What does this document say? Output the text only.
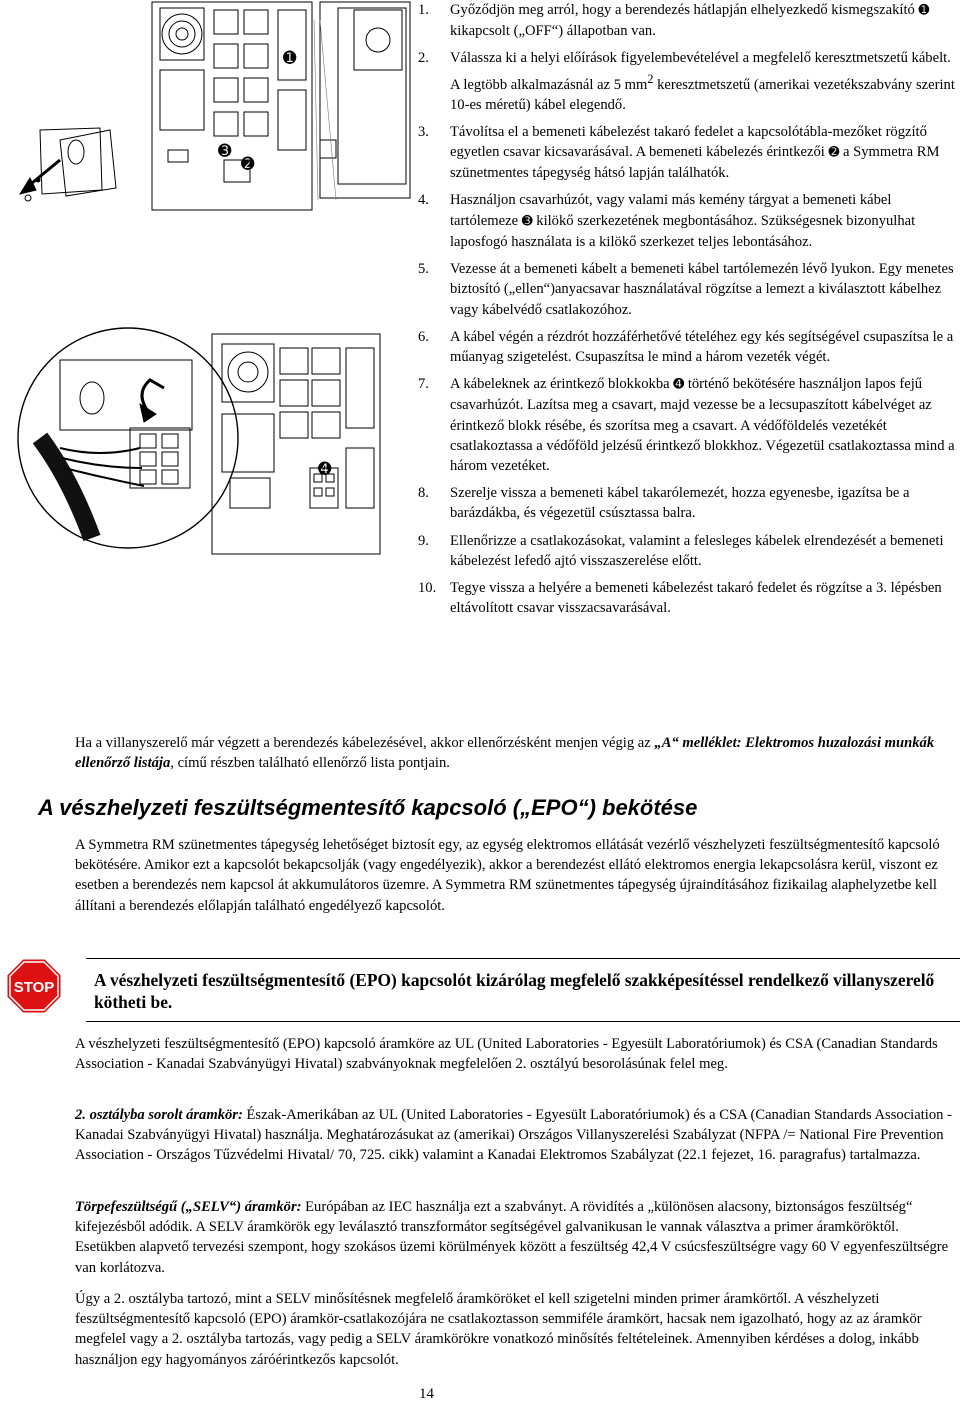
➊
➋
➌
➍
1. Győződjön meg arról, hogy a berendezés hátlapján elhelyezkedő kismegszakító ➊ kikapcsolt („OFF“) állapotban van.
2. Válassza ki a helyi előírások figyelembevételével a megfelelő keresztmetszetű kábelt. A legtöbb alkalmazásnál az 5 $mm^2$ keresztmetszetű (amerikai vezetékszabvány szerint 10-es méretű) kábel elegendő.
3. Távolítsa el a bemeneti kábelezést takaró fedelet a kapcsolótábla-mezőket rögzítő egyetlen csavar kicsavarásával. A bemeneti kábelezés érintkezői ➋ a Symmetra RM szünetmentes tápegység hátsó lapján találhatók.
4. Használjon csavarhúzót, vagy valami más kemény tárgyat a bemeneti kábel tartólemeze ➌ kilökő szerkezetének megbontásához. Szükségesnek bizonyulhat laposfogó használata is a kilökő szerkezet teljes lebontásához.
5. Vezesse át a bemeneti kábelt a bemeneti kábel tartólemezén lévő lyukon. Egy menetes biztosító („ellen“)anyacsavar használatával rögzítse a lemezt a kiválasztott kábelhez vagy kábelvédő csatlakozóhoz.
6. A kábel végén a rézdrót hozzáférhetővé tételéhez egy kés segítségével csupaszítsa le a műanyag szigetelést. Csupaszítsa le mind a három vezeték végét.
7. A kábeleknek az érintkező blokkokba ➍ történő bekötésére használjon lapos fejű csavarhúzót. Lazítsa meg a csavart, majd vezesse be a lecsupaszított kábelvéget az érintkező blokk résébe, és szorítsa meg a csavart. A védőföldelés vezetékét csatlakoztassa a védőföld jelzésű érintkező blokkhoz. Végezetül csatlakoztassa mind a három vezetéket.
8. Szerelje vissza a bemeneti kábel takarólemezét, hozza egyenesbe, igazítsa be a barázdákba, és végezetül csúsztassa balra.
9. Ellenőrizze a csatlakozásokat, valamint a felesleges kábelek elrendezését a bemeneti kábelezést lefedő ajtó visszaszerelése előtt.
10. Tegye vissza a helyére a bemeneti kábelezést takaró fedelet és rögzítse a 3. lépésben eltávolított csavar visszacsavarásával.
Ha a villanyszerelő már végzett a berendezés kábelezésével, akkor ellenőrzésként menjen végig az „A“ melléklet: Elektromos huzalozási munkák ellenőrző listája, című részben található ellenőrző lista pontjain.
A vészhelyzeti feszültségmentesítő kapcsoló („EPO“) bekötése

A Symmetra RM szünetmentes tápegység lehetőséget biztosít egy, az egység elektromos ellátását vezérlő vészhelyzeti feszültségmentesítő kapcsoló bekötésére. Amikor ezt a kapcsolót bekapcsolják (vagy engedélyezik), akkor a berendezést ellátó elektromos energia lekapcsolásra kerül, viszont ez esetben a berendezés nem kapcsol át akkumulátoros üzemre. A Symmetra RM szünetmentes tápegység újraindításához fizikailag alaphelyzetbe kell állítani a berendezés előlapján található engedélyező kapcsolót.

STOP	A vészhelyzeti feszültségmentesítő (EPO) kapcsolót kizárólag megfelelő szakképesítéssel rendelkező villanyszerelő kötheti be.

A vészhelyzeti feszültségmentesítő (EPO) kapcsoló áramköre az UL (United Laboratories - Egyesült Laboratóriumok) és CSA (Canadian Standards Association - Kanadai Szabványügyi Hivatal) szabványoknak megfelelően 2. osztályú besorolásúnak felel meg.

2. osztályba sorolt áramkör: Észak-Amerikában az UL (United Laboratories - Egyesült Laboratóriumok) és a CSA (Canadian Standards Association - Kanadai Szabványügyi Hivatal) használja. Meghatározásukat az (amerikai) Országos Villanyszerelési Szabályzat (NFPA /= National Fire Prevention Association - Országos Tűzvédelmi Hivatal/ 70, 725. cikk) valamint a Kanadai Elektromos Szabályzat (22.1 fejezet, 16. paragrafus) tartalmazza.

Törpefeszültségű („SELV“) áramkör: Európában az IEC használja ezt a szabványt. A rövidítés a „különösen alacsony, biztonságos feszültség“ kifejezésből adódik. A SELV áramkörök egy leválasztó transzformátor segítségével galvanikusan le vannak választva a primer áramköröktől. Esetükben alapvető tervezési szempont, hogy szokásos üzemi körülmények között a feszültség 42,4 V csúcsfeszültségre vagy 60 V egyenfeszültségre van korlátozva.

Úgy a 2. osztályba tartozó, mint a SELV minősítésnek megfelelő áramköröket el kell szigetelni minden primer áramkörtől. A vészhelyzeti feszültségmentesítő kapcsoló (EPO) áramkör-csatlakozójára ne csatlakoztasson semmiféle áramkört, hacsak nem igazolható, hogy az az áramkör megfelel vagy a 2. osztályba tartozás, vagy pedig a SELV áramkörökre vonatkozó minősítés feltételeinek. Amennyiben kérdéses a dolog, inkább használjon egy hagyományos záróérintkezős kapcsolót.

14
